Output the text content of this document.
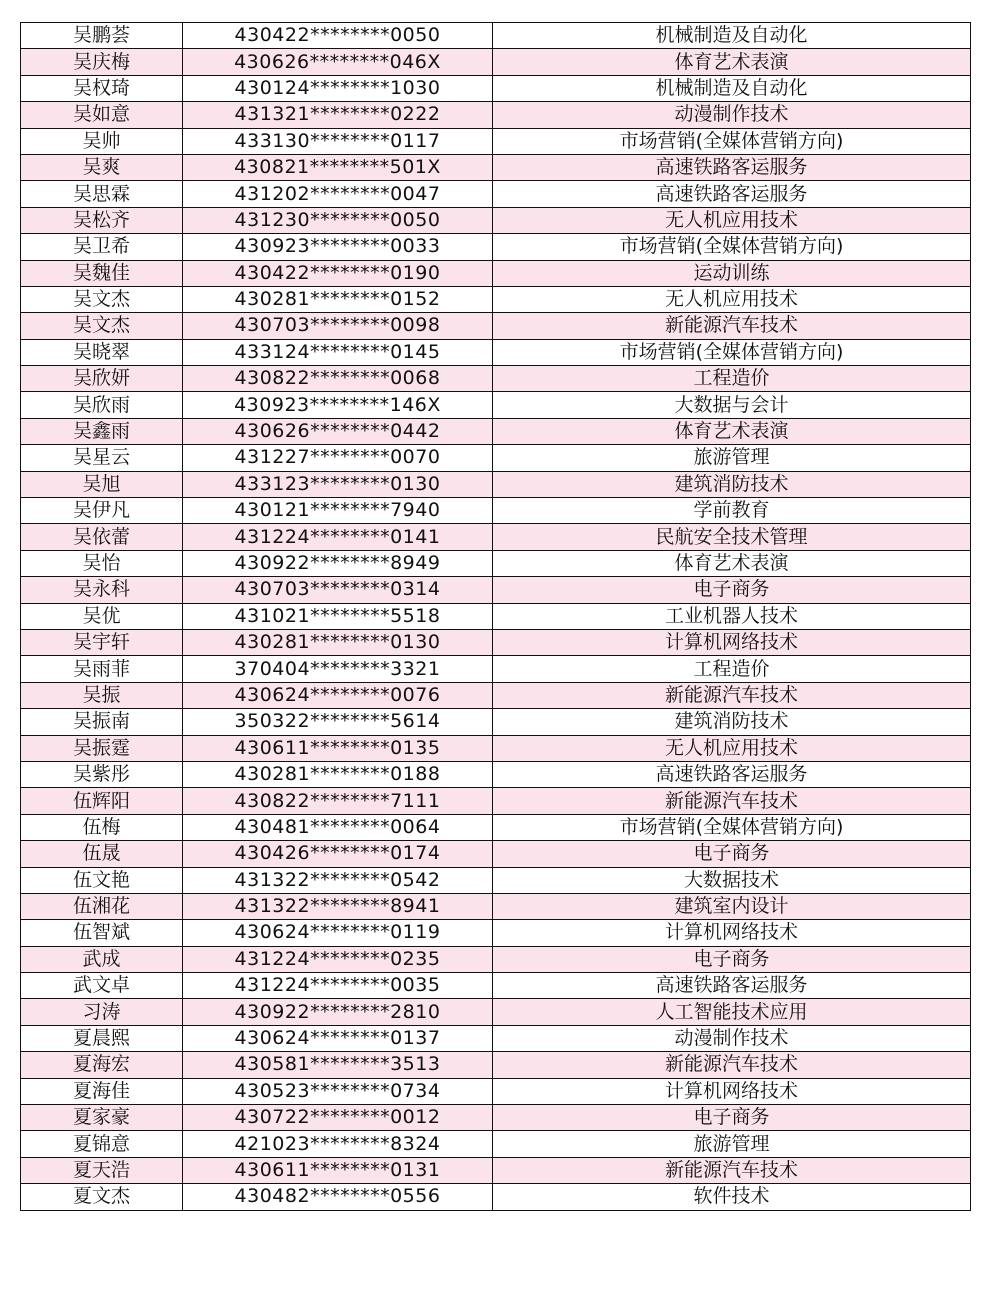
吴鹏荟	430422********0050	机械制造及自动化
吴庆梅	430626********046X	体育艺术表演
吴权琦	430124********1030	机械制造及自动化
吴如意	431321********0222	动漫制作技术
吴帅	433130********0117	市场营销(全媒体营销方向)
吴爽	430821********501X	高速铁路客运服务
吴思霖	431202********0047	高速铁路客运服务
吴松齐	431230********0050	无人机应用技术
吴卫希	430923********0033	市场营销(全媒体营销方向)
吴魏佳	430422********0190	运动训练
吴文杰	430281********0152	无人机应用技术
吴文杰	430703********0098	新能源汽车技术
吴晓翠	433124********0145	市场营销(全媒体营销方向)
吴欣妍	430822********0068	工程造价
吴欣雨	430923********146X	大数据与会计
吴鑫雨	430626********0442	体育艺术表演
吴星云	431227********0070	旅游管理
吴旭	433123********0130	建筑消防技术
吴伊凡	430121********7940	学前教育
吴依蕾	431224********0141	民航安全技术管理
吴怡	430922********8949	体育艺术表演
吴永科	430703********0314	电子商务
吴优	431021********5518	工业机器人技术
吴宇轩	430281********0130	计算机网络技术
吴雨菲	370404********3321	工程造价
吴振	430624********0076	新能源汽车技术
吴振南	350322********5614	建筑消防技术
吴振霆	430611********0135	无人机应用技术
吴紫彤	430281********0188	高速铁路客运服务
伍辉阳	430822********7111	新能源汽车技术
伍梅	430481********0064	市场营销(全媒体营销方向)
伍晟	430426********0174	电子商务
伍文艳	431322********0542	大数据技术
伍湘花	431322********8941	建筑室内设计
伍智斌	430624********0119	计算机网络技术
武成	431224********0235	电子商务
武文卓	431224********0035	高速铁路客运服务
习涛	430922********2810	人工智能技术应用
夏晨熙	430624********0137	动漫制作技术
夏海宏	430581********3513	新能源汽车技术
夏海佳	430523********0734	计算机网络技术
夏家豪	430722********0012	电子商务
夏锦意	421023********8324	旅游管理
夏天浩	430611********0131	新能源汽车技术
夏文杰	430482********0556	软件技术
